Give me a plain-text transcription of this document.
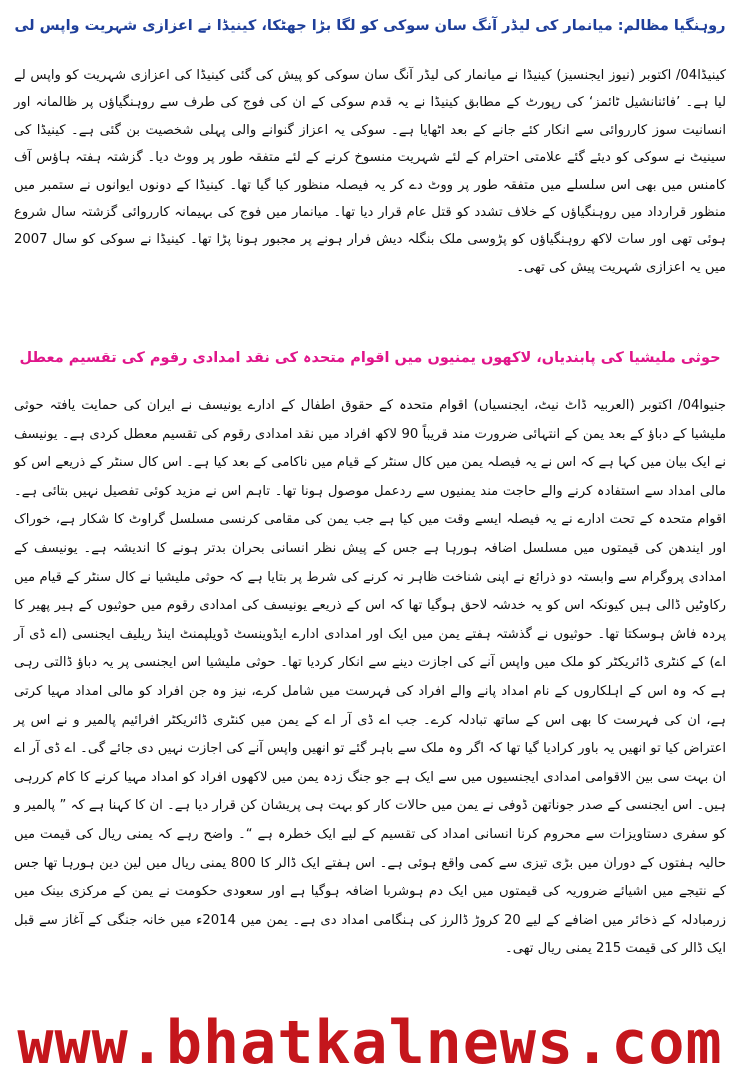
روہنگیا مظالم: میانمار کی لیڈر آنگ سان سوکی کو لگا بڑا جھٹکا، کینیڈا نے اعزازی شہریت واپس لی

کینیڈا04/ اکتوبر (نیوز ایجنسیز) کینیڈا نے میانمار کی لیڈر آنگ سان سوکی کو پیش کی گئی کینیڈا کی اعزازی شہریت کو واپس لے لیا ہے۔ ’فائنانشیل ٹائمز‘ کی رپورٹ کے مطابق کینیڈا نے یہ قدم سوکی کے ان کی فوج کی طرف سے روہنگیاؤں پر ظالمانہ اور انسانیت سوز کارروائی سے انکار کئے جانے کے بعد اٹھایا ہے۔ سوکی یہ اعزاز گنوانے والی پہلی شخصیت بن گئی ہے۔ کینیڈا کی سینیٹ نے سوکی کو دیئے گئے علامتی احترام کے لئے شہریت منسوخ کرنے کے لئے متفقہ طور پر ووٹ دیا۔ گزشتہ ہفتہ ہاؤس آف کامنس میں بھی اس سلسلے میں متفقہ طور پر ووٹ دے کر یہ فیصلہ منظور کیا گیا تھا۔ کینیڈا کے دونوں ایوانوں نے ستمبر میں منظور قرارداد میں روہنگیاؤں کے خلاف تشدد کو قتل عام قرار دیا تھا۔ میانمار میں فوج کی بہیمانہ کارروائی گزشتہ سال شروع ہوئی تھی اور سات لاکھ روہنگیاؤں کو پڑوسی ملک بنگلہ دیش فرار ہونے پر مجبور ہونا پڑا تھا۔ کینیڈا نے سوکی کو سال 2007 میں یہ اعزازی شہریت پیش کی تھی۔

حوثی ملیشیا کی پابندیاں، لاکھوں یمنیوں میں اقوام متحدہ کی نقد امدادی رقوم کی تقسیم معطل

جنیوا04/ اکتوبر (العربیہ ڈاٹ نیٹ، ایجنسیاں) اقوام متحدہ کے حقوق اطفال کے ادارے یونیسف نے ایران کی حمایت یافتہ حوثی ملیشیا کے دباؤ کے بعد یمن کے انتہائی ضرورت مند قریباً 90 لاکھ افراد میں نقد امدادی رقوم کی تقسیم معطل کردی ہے۔ یونیسف نے ایک بیان میں کہا ہے کہ اس نے یہ فیصلہ یمن میں کال سنٹر کے قیام میں ناکامی کے بعد کیا ہے۔ اس کال سنٹر کے ذریعے اس کو مالی امداد سے استفادہ کرنے والے حاجت مند یمنیوں سے ردعمل موصول ہونا تھا۔ تاہم اس نے مزید کوئی تفصیل نہیں بتائی ہے۔ اقوام متحدہ کے تحت ادارے نے یہ فیصلہ ایسے وقت میں کیا ہے جب یمن کی مقامی کرنسی مسلسل گراوٹ کا شکار ہے، خوراک اور ایندھن کی قیمتوں میں مسلسل اضافہ ہورہا ہے جس کے پیش نظر انسانی بحران بدتر ہونے کا اندیشہ ہے۔ یونیسف کے امدادی پروگرام سے وابستہ دو ذرائع نے اپنی شناخت ظاہر نہ کرنے کی شرط پر بتایا ہے کہ حوثی ملیشیا نے کال سنٹر کے قیام میں رکاوٹیں ڈالی ہیں کیونکہ اس کو یہ خدشہ لاحق ہوگیا تھا کہ اس کے ذریعے یونیسف کی امدادی رقوم میں حوثیوں کے ہیر پھیر کا پردہ فاش ہوسکتا تھا۔ حوثیوں نے گذشتہ ہفتے یمن میں ایک اور امدادی ادارے ایڈوینسٹ ڈویلپمنٹ اینڈ ریلیف ایجنسی (اے ڈی آر اے) کے کنٹری ڈائریکٹر کو ملک میں واپس آنے کی اجازت دینے سے انکار کردیا تھا۔ حوثی ملیشیا اس ایجنسی پر یہ دباؤ ڈالتی رہی ہے کہ وہ اس کے اہلکاروں کے نام امداد پانے والے افراد کی فہرست میں شامل کرے، نیز وہ جن افراد کو مالی امداد مہیا کرتی ہے، ان کی فہرست کا بھی اس کے ساتھ تبادلہ کرے۔ جب اے ڈی آر اے کے یمن میں کنٹری ڈائریکٹر افرائیم پالمیر و نے اس پر اعتراض کیا تو انھیں یہ باور کرادیا گیا تھا کہ اگر وہ ملک سے باہر گئے تو انھیں واپس آنے کی اجازت نہیں دی جائے گی۔ اے ڈی آر اے ان بہت سی بین الاقوامی امدادی ایجنسیوں میں سے ایک ہے جو جنگ زدہ یمن میں لاکھوں افراد کو امداد مہیا کرنے کا کام کررہی ہیں۔ اس ایجنسی کے صدر جوناتھن ڈوفی نے یمن میں حالات کار کو بہت ہی پریشان کن قرار دیا ہے۔ ان کا کہنا ہے کہ ” پالمیر و کو سفری دستاویزات سے محروم کرنا انسانی امداد کی تقسیم کے لیے ایک خطرہ ہے “۔ واضح رہے کہ یمنی ریال کی قیمت میں حالیہ ہفتوں کے دوران میں بڑی تیزی سے کمی واقع ہوئی ہے۔ اس ہفتے ایک ڈالر کا 800 یمنی ریال میں لین دین ہورہا تھا جس کے نتیجے میں اشیائے ضروریہ کی قیمتوں میں ایک دم ہوشربا اضافہ ہوگیا ہے اور سعودی حکومت نے یمن کے مرکزی بینک میں زرمبادلہ کے ذخائر میں اضافے کے لیے 20 کروڑ ڈالرز کی ہنگامی امداد دی ہے۔ یمن میں 2014ء میں خانہ جنگی کے آغاز سے قبل ایک ڈالر کی قیمت 215 یمنی ریال تھی۔

www.bhatkalnews.com
